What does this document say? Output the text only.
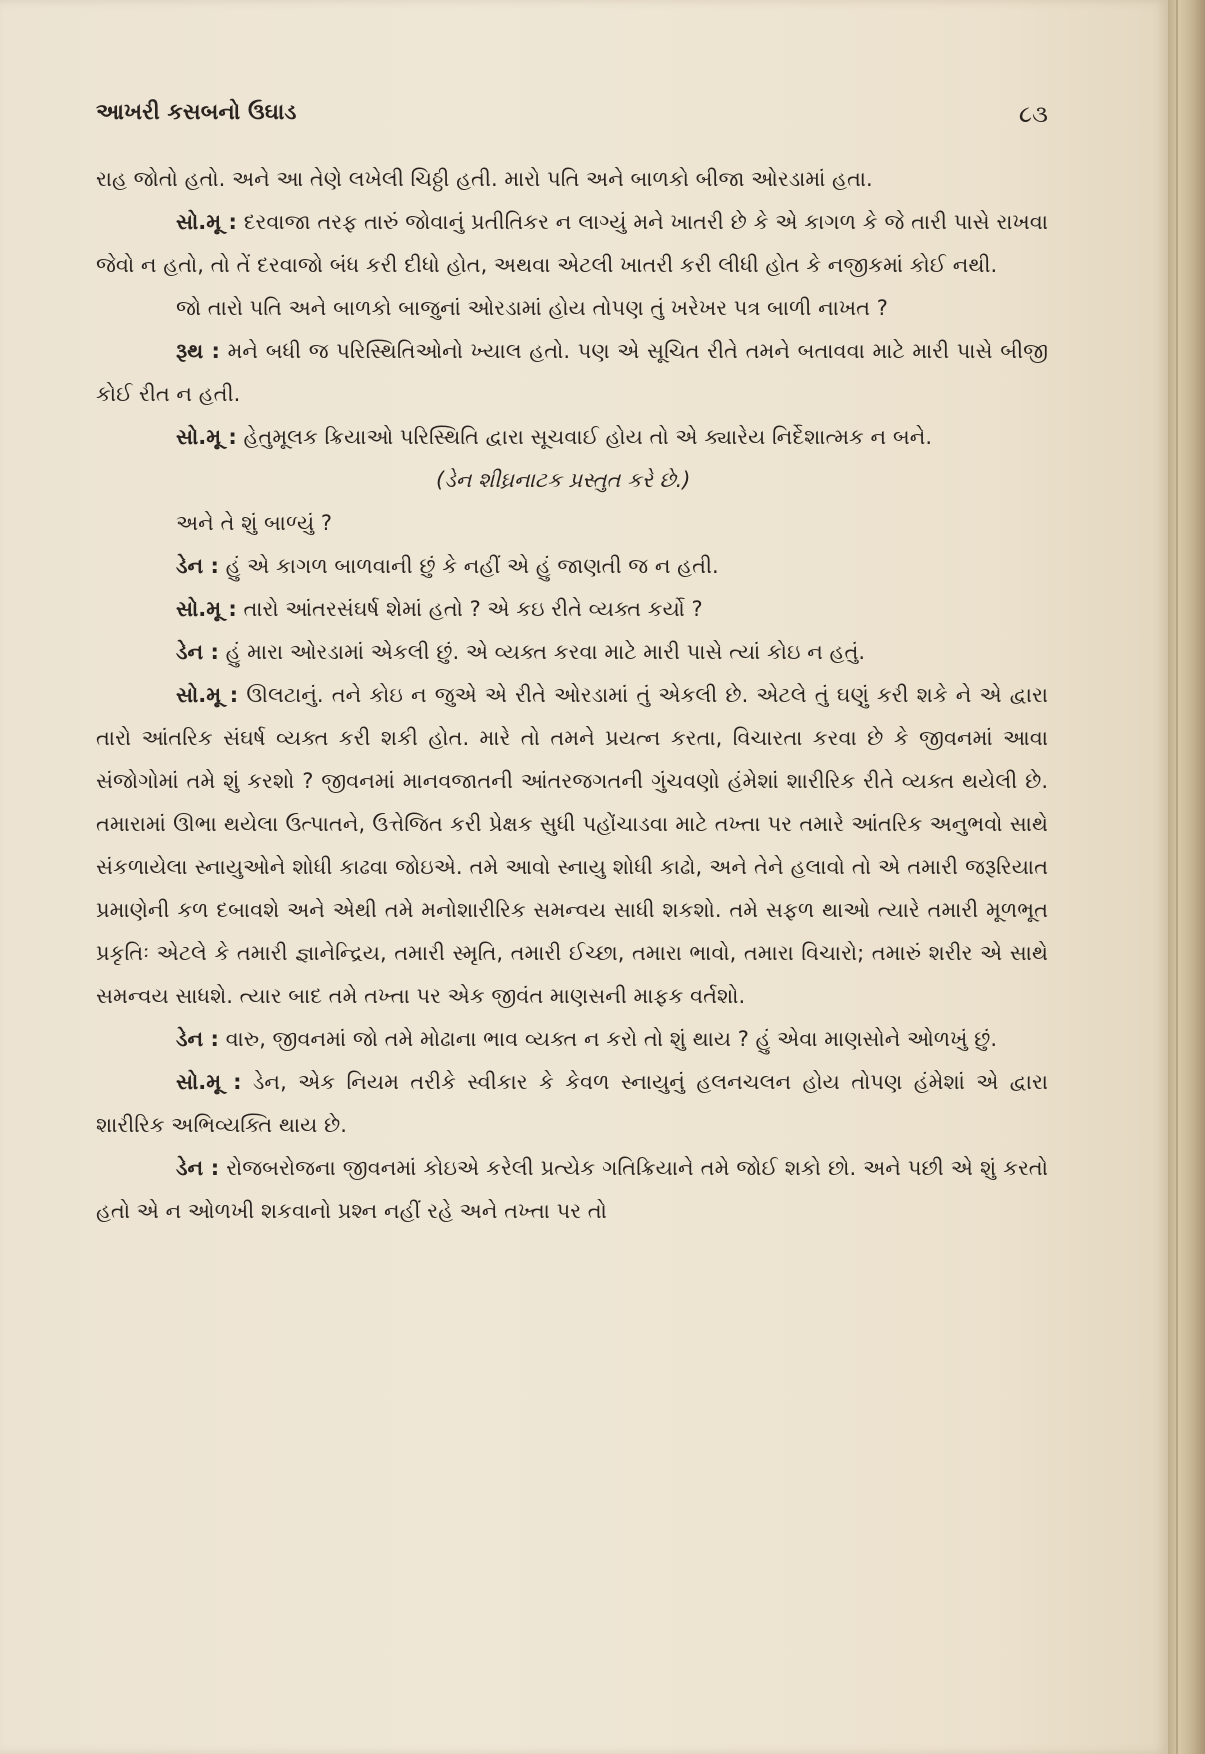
આખરી કસબનો ઉઘાડ	૮૩

રાહ જોતો હતો. અને આ તેણે લખેલી ચિઠ્ઠી હતી. મારો પતિ અને બાળકો બીજા ઓરડામાં હતા.

સો.મૂ : દરવાજા તરફ તારું જોવાનું પ્રતીતિકર ન લાગ્યું મને ખાતરી છે કે એ કાગળ કે જે તારી પાસે રાખવા જેવો ન હતો, તો તેં દરવાજો બંધ કરી દીધો હોત, અથવા એટલી ખાતરી કરી લીધી હોત કે નજીકમાં કોઈ નથી.

જો તારો પતિ અને બાળકો બાજુનાં ઓરડામાં હોય તોપણ તું ખરેખર પત્ર બાળી નાખત ?

રૂથ : મને બધી જ પરિસ્થિતિઓનો ખ્યાલ હતો. પણ એ સૂચિત રીતે તમને બતાવવા માટે મારી પાસે બીજી કોઈ રીત ન હતી.

સો.મૂ : હેતુમૂલક ક્રિયાઓ પરિસ્થિતિ દ્વારા સૂચવાઈ હોય તો એ ક્યારેય નિર્દેશાત્મક ન બને.

(ડેન શીઘ્રનાટક પ્રસ્તુત કરે છે.)

અને તે શું બાળ્યું ?

ડેન : હું એ કાગળ બાળવાની છું કે નહીં એ હું જાણતી જ ન હતી.

સો.મૂ : તારો આંતરસંઘર્ષ શેમાં હતો ? એ કઇ રીતે વ્યક્ત કર્યો ?

ડેન : હું મારા ઓરડામાં એકલી છું. એ વ્યક્ત કરવા માટે મારી પાસે ત્યાં કોઇ ન હતું.

સો.મૂ : ઊલટાનું. તને કોઇ ન જુએ એ રીતે ઓરડામાં તું એકલી છે. એટલે તું ઘણું કરી શકે ને એ દ્વારા તારો આંતરિક સંઘર્ષ વ્યક્ત કરી શકી હોત. મારે તો તમને પ્રયત્ન કરતા, વિચારતા કરવા છે કે જીવનમાં આવા સંજોગોમાં તમે શું કરશો ? જીવનમાં માનવજાતની આંતરજગતની ગુંચવણો હંમેશાં શારીરિક રીતે વ્યક્ત થયેલી છે. તમારામાં ઊભા થયેલા ઉત્પાતને, ઉત્તેજિત કરી પ્રેક્ષક સુધી પહોંચાડવા માટે તખ્તા પર તમારે આંતરિક અનુભવો સાથે સંકળાયેલા સ્નાયુઓને શોધી કાઢવા જોઇએ. તમે આવો સ્નાયુ શોધી કાઢો, અને તેને હલાવો તો એ તમારી જરૂરિયાત પ્રમાણેની કળ દબાવશે અને એથી તમે મનોશારીરિક સમન્વય સાધી શકશો. તમે સફળ થાઓ ત્યારે તમારી મૂળભૂત પ્રકૃતિઃ એટલે કે તમારી જ્ઞાનેન્દ્રિય, તમારી સ્મૃતિ, તમારી ઈચ્છા, તમારા ભાવો, તમારા વિચારો; તમારું શરીર એ સાથે સમન્વય સાધશે. ત્યાર બાદ તમે તખ્તા પર એક જીવંત માણસની માફક વર્તશો.

ડેન : વારુ, જીવનમાં જો તમે મોઢાના ભાવ વ્યક્ત ન કરો તો શું થાય ? હું એવા માણસોને ઓળખું છું.

સો.મૂ : ડેન, એક નિયમ તરીકે સ્વીકાર કે કેવળ સ્નાયુનું હલનચલન હોય તોપણ હંમેશાં એ દ્વારા શારીરિક અભિવ્યક્તિ થાય છે.

ડેન : રોજબરોજના જીવનમાં કોઇએ કરેલી પ્રત્યેક ગતિક્રિયાને તમે જોઈ શકો છો. અને પછી એ શું કરતો હતો એ ન ઓળખી શકવાનો પ્રશ્ન નહીં રહે અને તખ્તા પર તો
